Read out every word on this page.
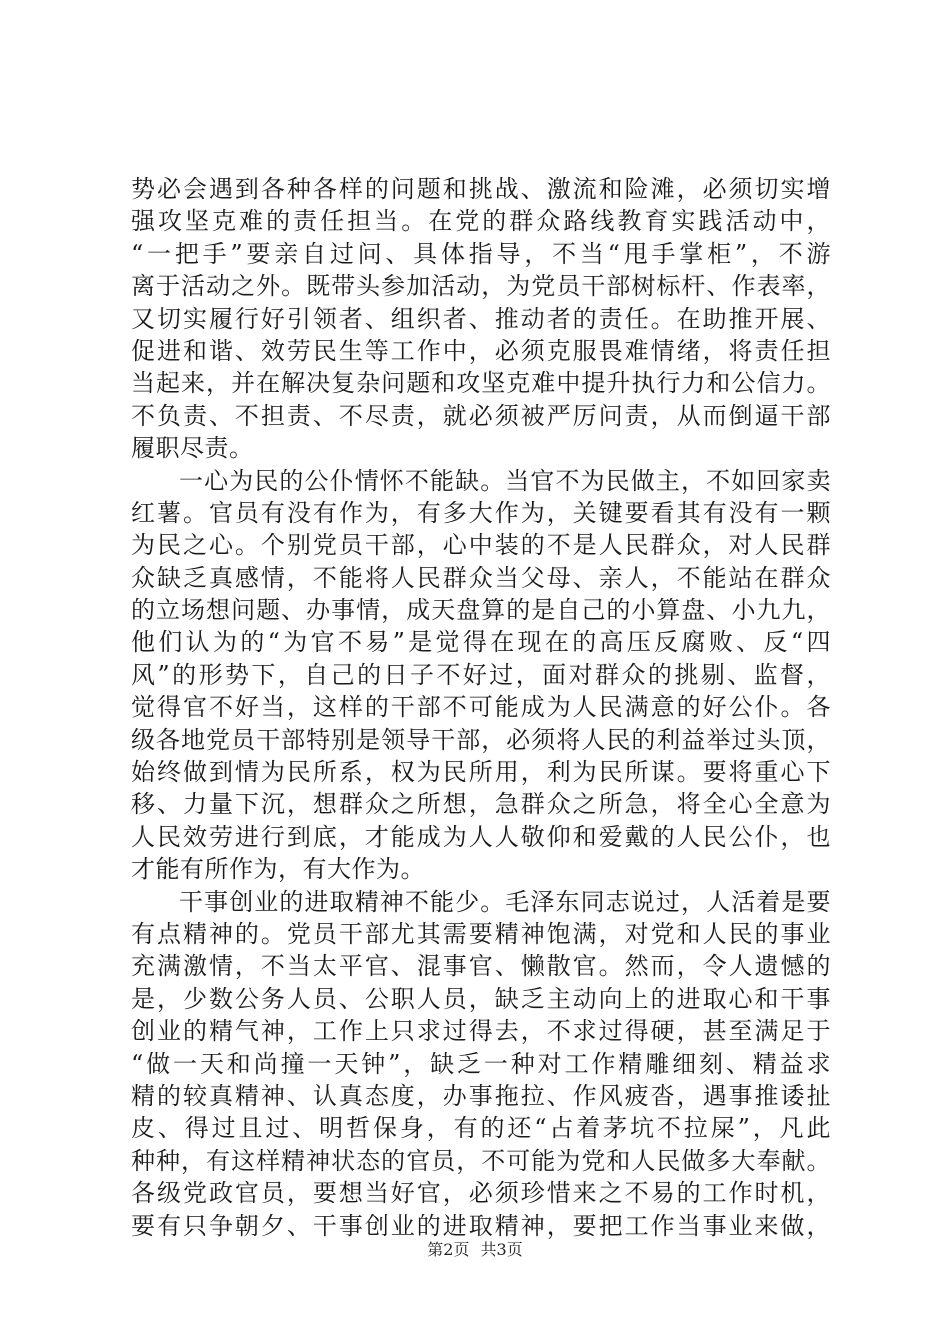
势必会遇到各种各样的问题和挑战、激流和险滩，必须切实增
强攻坚克难的责任担当。在党的群众路线教育实践活动中，
“一把手”要亲自过问、具体指导，不当“甩手掌柜”，不游
离于活动之外。既带头参加活动，为党员干部树标杆、作表率，
又切实履行好引领者、组织者、推动者的责任。在助推开展、
促进和谐、效劳民生等工作中，必须克服畏难情绪，将责任担
当起来，并在解决复杂问题和攻坚克难中提升执行力和公信力。
不负责、不担责、不尽责，就必须被严厉问责，从而倒逼干部
履职尽责。
一心为民的公仆情怀不能缺。当官不为民做主，不如回家卖
红薯。官员有没有作为，有多大作为，关键要看其有没有一颗
为民之心。个别党员干部，心中装的不是人民群众，对人民群
众缺乏真感情，不能将人民群众当父母、亲人，不能站在群众
的立场想问题、办事情，成天盘算的是自己的小算盘、小九九，
他们认为的“为官不易”是觉得在现在的高压反腐败、反“四
风”的形势下，自己的日子不好过，面对群众的挑剔、监督，
觉得官不好当，这样的干部不可能成为人民满意的好公仆。各
级各地党员干部特别是领导干部，必须将人民的利益举过头顶，
始终做到情为民所系，权为民所用，利为民所谋。要将重心下
移、力量下沉，想群众之所想，急群众之所急，将全心全意为
人民效劳进行到底，才能成为人人敬仰和爱戴的人民公仆，也
才能有所作为，有大作为。
干事创业的进取精神不能少。毛泽东同志说过，人活着是要
有点精神的。党员干部尤其需要精神饱满，对党和人民的事业
充满激情，不当太平官、混事官、懒散官。然而，令人遗憾的
是，少数公务人员、公职人员，缺乏主动向上的进取心和干事
创业的精气神，工作上只求过得去，不求过得硬，甚至满足于
“做一天和尚撞一天钟”，缺乏一种对工作精雕细刻、精益求
精的较真精神、认真态度，办事拖拉、作风疲沓，遇事推诿扯
皮、得过且过、明哲保身，有的还“占着茅坑不拉屎”，凡此
种种，有这样精神状态的官员，不可能为党和人民做多大奉献。
各级党政官员，要想当好官，必须珍惜来之不易的工作时机，
要有只争朝夕、干事创业的进取精神，要把工作当事业来做，
第2页 共3页
